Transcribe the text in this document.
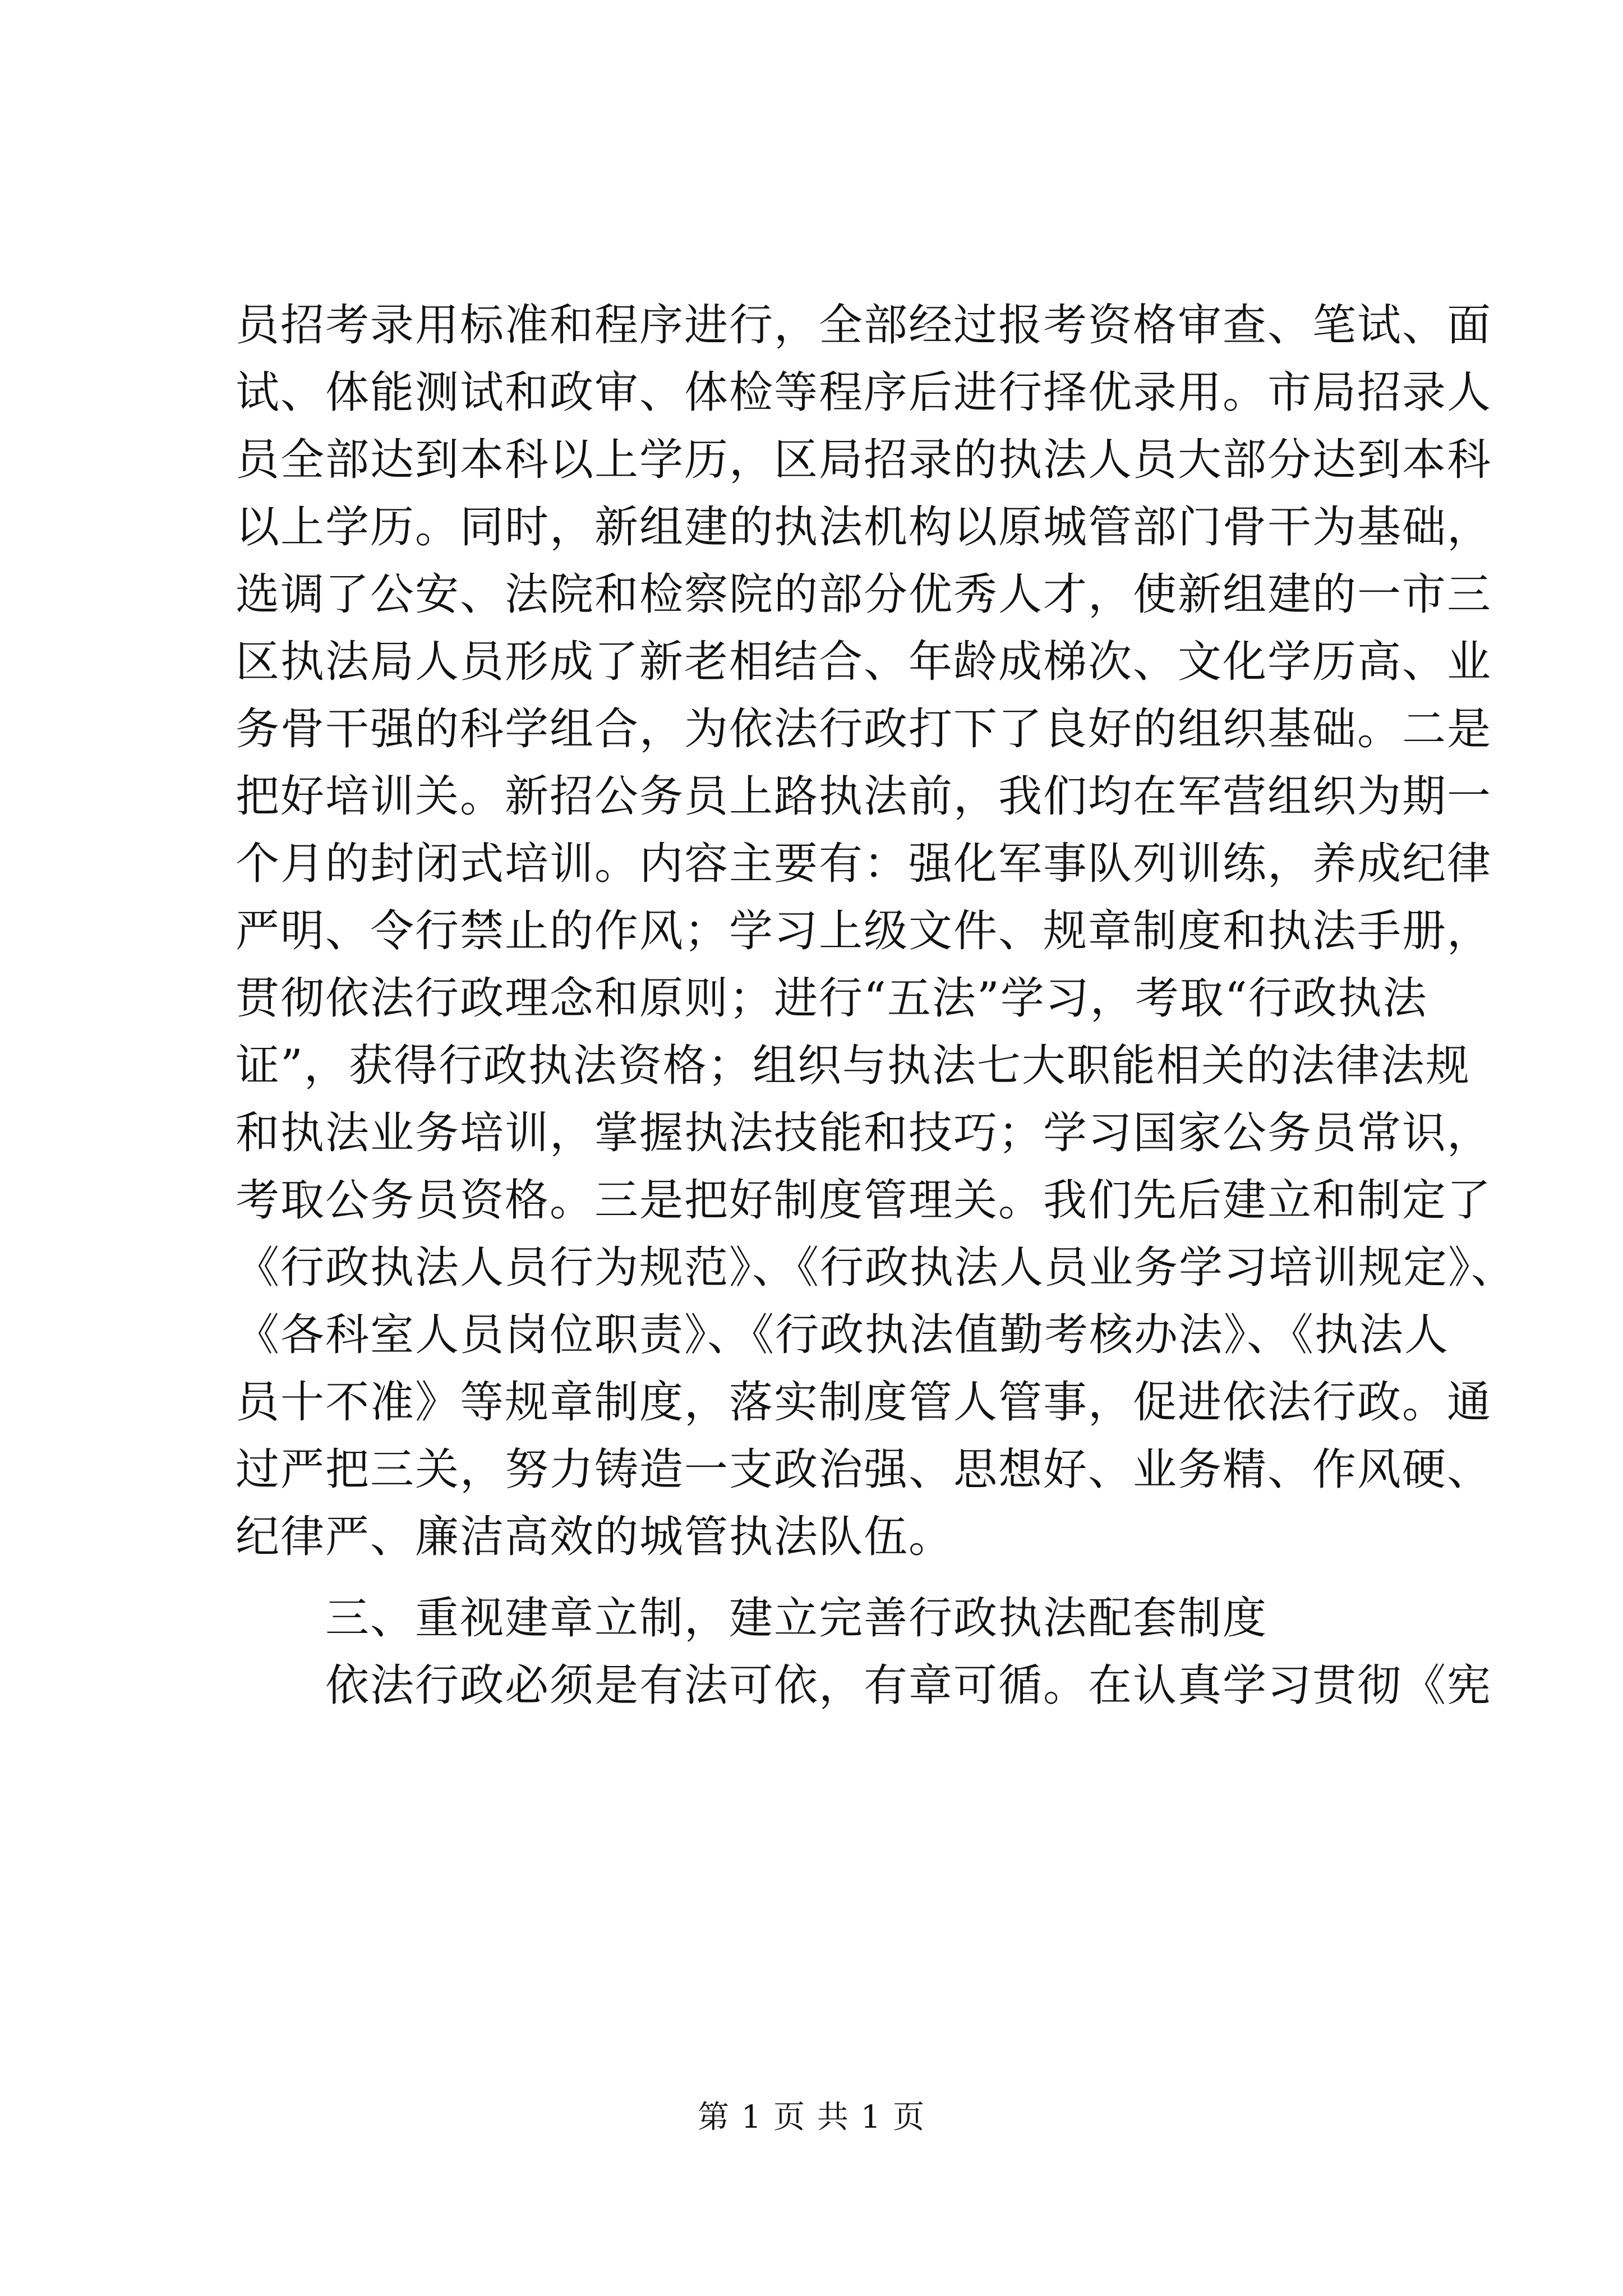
员招考录用标准和程序进行，全部经过报考资格审查、笔试、面
试、体能测试和政审、体检等程序后进行择优录用。市局招录人
员全部达到本科以上学历，区局招录的执法人员大部分达到本科
以上学历。同时，新组建的执法机构以原城管部门骨干为基础，
选调了公安、法院和检察院的部分优秀人才，使新组建的一市三
区执法局人员形成了新老相结合、年龄成梯次、文化学历高、业
务骨干强的科学组合，为依法行政打下了良好的组织基础。二是
把好培训关。新招公务员上路执法前，我们均在军营组织为期一
个月的封闭式培训。内容主要有：强化军事队列训练，养成纪律
严明、令行禁止的作风；学习上级文件、规章制度和执法手册，
贯彻依法行政理念和原则；进行“五法”学习，考取“行政执法
证”，获得行政执法资格；组织与执法七大职能相关的法律法规
和执法业务培训，掌握执法技能和技巧；学习国家公务员常识，
考取公务员资格。三是把好制度管理关。我们先后建立和制定了
《行政执法人员行为规范》、《行政执法人员业务学习培训规定》、
《各科室人员岗位职责》、《行政执法值勤考核办法》、《执法人
员十不准》等规章制度，落实制度管人管事，促进依法行政。通
过严把三关，努力铸造一支政治强、思想好、业务精、作风硬、
纪律严、廉洁高效的城管执法队伍。
三、重视建章立制，建立完善行政执法配套制度
依法行政必须是有法可依，有章可循。在认真学习贯彻《宪
第 1 页 共 1 页
